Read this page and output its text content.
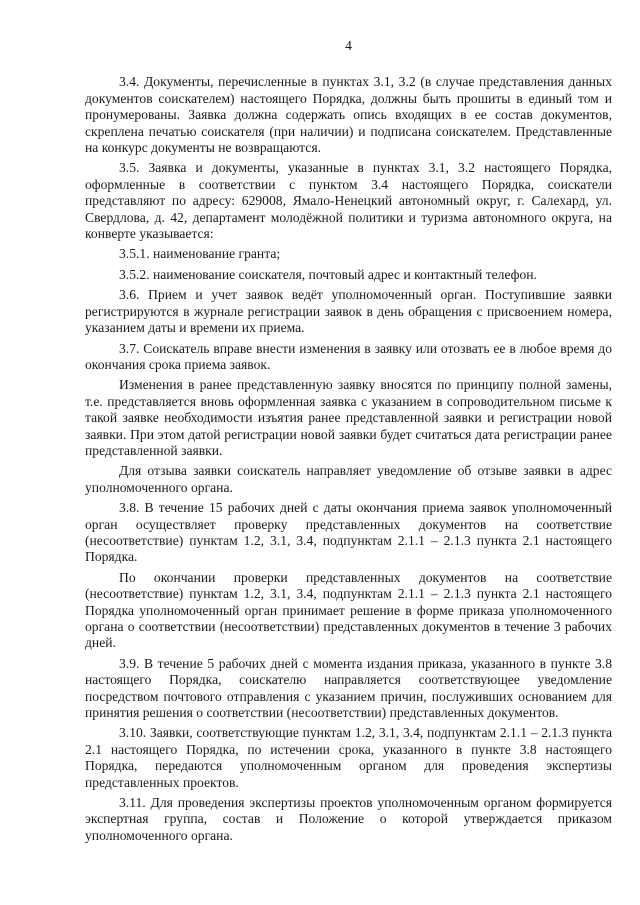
4

3.4. Документы, перечисленные в пунктах 3.1, 3.2 (в случае представления данных документов соискателем) настоящего Порядка, должны быть прошиты в единый том и пронумерованы. Заявка должна содержать опись входящих в ее состав документов, скреплена печатью соискателя (при наличии) и подписана соискателем. Представленные на конкурс документы не возвращаются.

3.5. Заявка и документы, указанные в пунктах 3.1, 3.2 настоящего Порядка, оформленные в соответствии с пунктом 3.4 настоящего Порядка, соискатели представляют по адресу: 629008, Ямало-Ненецкий автономный округ, г. Салехард, ул. Свердлова, д. 42, департамент молодёжной политики и туризма автономного округа, на конверте указывается:

3.5.1. наименование гранта;

3.5.2. наименование соискателя, почтовый адрес и контактный телефон.

3.6. Прием и учет заявок ведёт уполномоченный орган. Поступившие заявки регистрируются в журнале регистрации заявок в день обращения с присвоением номера, указанием даты и времени их приема.

3.7. Соискатель вправе внести изменения в заявку или отозвать ее в любое время до окончания срока приема заявок.

Изменения в ранее представленную заявку вносятся по принципу полной замены, т.е. представляется вновь оформленная заявка с указанием в сопроводительном письме к такой заявке необходимости изъятия ранее представленной заявки и регистрации новой заявки. При этом датой регистрации новой заявки будет считаться дата регистрации ранее представленной заявки.

Для отзыва заявки соискатель направляет уведомление об отзыве заявки в адрес уполномоченного органа.

3.8. В течение 15 рабочих дней с даты окончания приема заявок уполномоченный орган осуществляет проверку представленных документов на соответствие (несоответствие) пунктам 1.2, 3.1, 3.4, подпунктам 2.1.1 – 2.1.3 пункта 2.1 настоящего Порядка.

По окончании проверки представленных документов на соответствие (несоответствие) пунктам 1.2, 3.1, 3.4, подпунктам 2.1.1 – 2.1.3 пункта 2.1 настоящего Порядка уполномоченный орган принимает решение в форме приказа уполномоченного органа о соответствии (несоответствии) представленных документов в течение 3 рабочих дней.

3.9. В течение 5 рабочих дней с момента издания приказа, указанного в пункте 3.8 настоящего Порядка, соискателю направляется соответствующее уведомление посредством почтового отправления с указанием причин, послуживших основанием для принятия решения о соответствии (несоответствии) представленных документов.

3.10. Заявки, соответствующие пунктам 1.2, 3.1, 3.4, подпунктам 2.1.1 – 2.1.3 пункта 2.1 настоящего Порядка, по истечении срока, указанного в пункте 3.8 настоящего Порядка, передаются уполномоченным органом для проведения экспертизы представленных проектов.

3.11. Для проведения экспертизы проектов уполномоченным органом формируется экспертная группа, состав и Положение о которой утверждается приказом уполномоченного органа.
